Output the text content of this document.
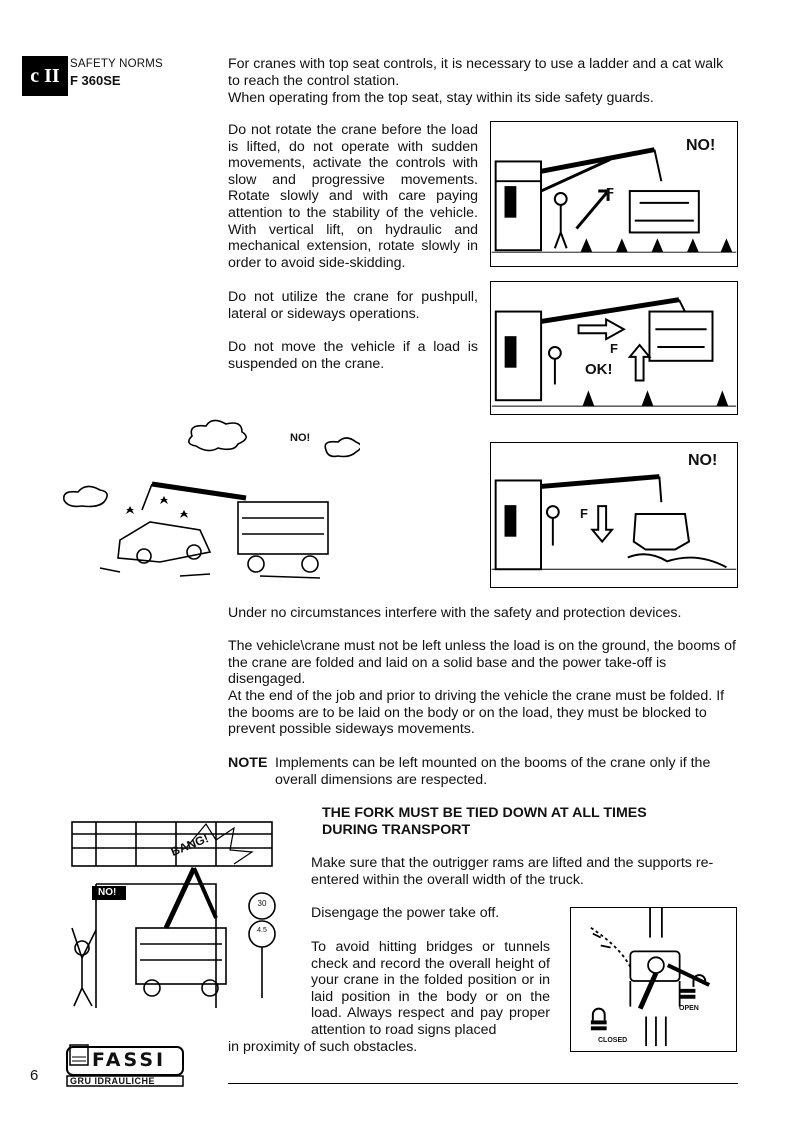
c II
SAFETY NORMS
F 360SE

For cranes with top seat controls, it is necessary to use a ladder and a cat walk to reach the control station.

When operating from the top seat, stay within its side safety guards.

Do not rotate the crane before the load is lifted, do not operate with sudden movements, activate the controls with slow and progressive movements. Rotate slowly and with care paying attention to the stability of the vehicle. With vertical lift, on hydraulic and mechanical extension, rotate slowly in order to avoid side-skidding.

NO!
F

Do not utilize the crane for pushpull, lateral or sideways operations.

Do not move the vehicle if a load is suspended on the crane.

F
OK!
NO!
NO!
F

Under no circumstances interfere with the safety and protection devices.

The vehicle\crane must not be left unless the load is on the ground, the booms of the crane are folded and laid on a solid base and the power take-off is disengaged.

At the end of the job and prior to driving the vehicle the crane must be folded. If the booms are to be laid on the body or on the load, they must be blocked to prevent possible sideways movements.

NOTE Implements can be left mounted on the booms of the crane only if the overall dimensions are respected.

THE FORK MUST BE TIED DOWN AT ALL TIMES
DURING TRANSPORT

Make sure that the outrigger rams are lifted and the supports re-entered within the overall width of the truck.

Disengage the power take off.

To avoid hitting bridges or tunnels check and record the overall height of your crane in the folded position or in laid position in the body or on the load. Always respect and pay proper attention to road signs placed

in proximity of such obstacles.

NO!
BANG!
30
4.5
OPEN
CLOSED
6
FASSI
GRU IDRAULICHE
